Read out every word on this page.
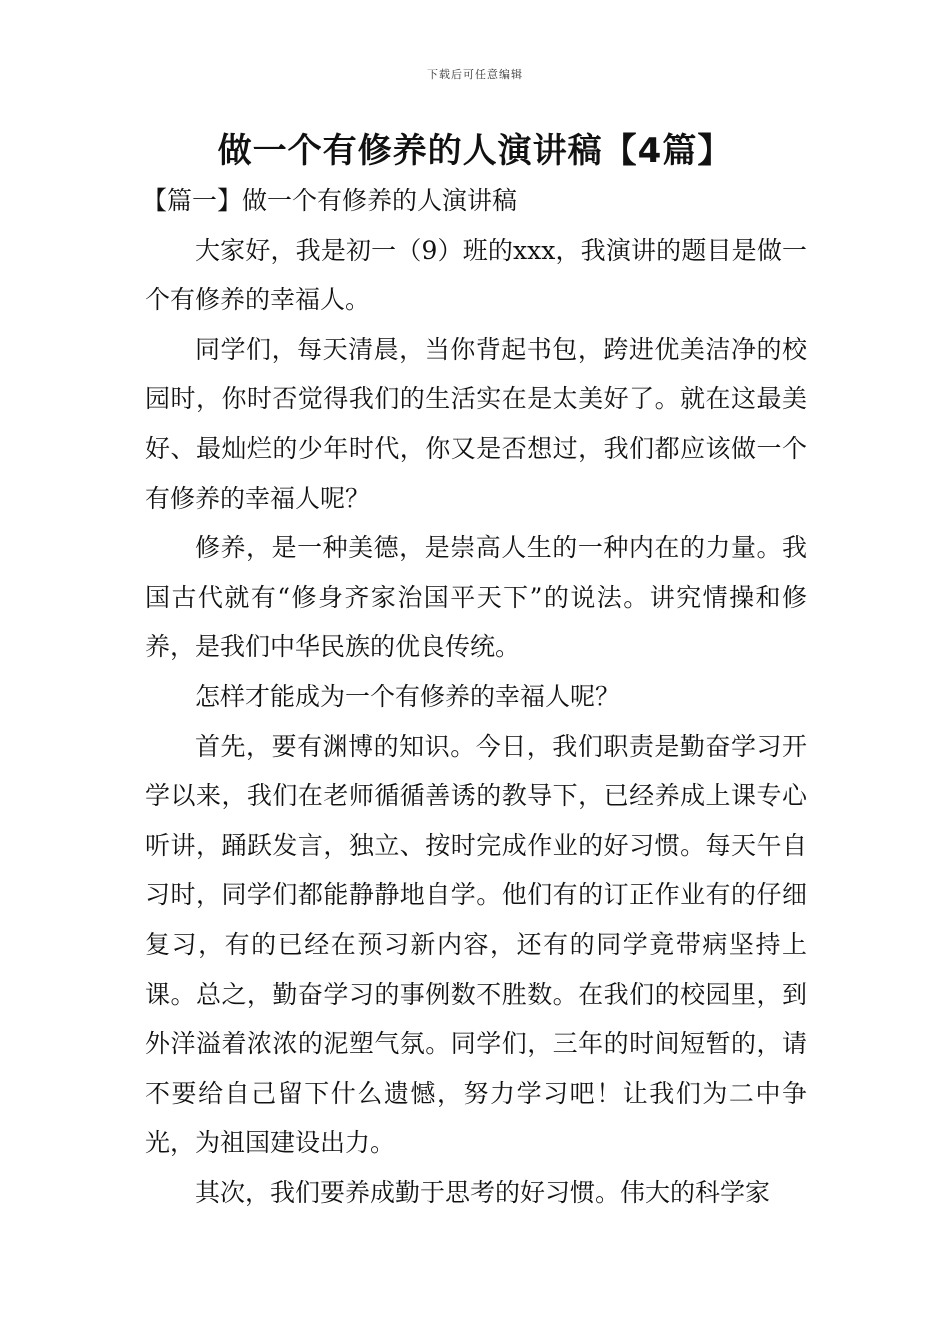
下载后可任意编辑
做一个有修养的人演讲稿【4篇】

【篇一】做一个有修养的人演讲稿

大家好，我是初一（9）班的xxx，我演讲的题目是做一个有修养的幸福人。

同学们，每天清晨，当你背起书包，跨进优美洁净的校园时，你时否觉得我们的生活实在是太美好了。就在这最美好、最灿烂的少年时代，你又是否想过，我们都应该做一个有修养的幸福人呢？

修养，是一种美德，是崇高人生的一种内在的力量。我国古代就有“修身齐家治国平天下”的说法。讲究情操和修养，是我们中华民族的优良传统。

怎样才能成为一个有修养的幸福人呢？

首先，要有渊博的知识。今日，我们职责是勤奋学习开学以来，我们在老师循循善诱的教导下，已经养成上课专心听讲，踊跃发言，独立、按时完成作业的好习惯。每天午自习时，同学们都能静静地自学。他们有的订正作业有的仔细复习，有的已经在预习新内容，还有的同学竟带病坚持上课。总之，勤奋学习的事例数不胜数。在我们的校园里，到外洋溢着浓浓的泥塑气氛。同学们，三年的时间短暂的，请不要给自己留下什么遗憾，努力学习吧！让我们为二中争光，为祖国建设出力。

其次，我们要养成勤于思考的好习惯。伟大的科学家
